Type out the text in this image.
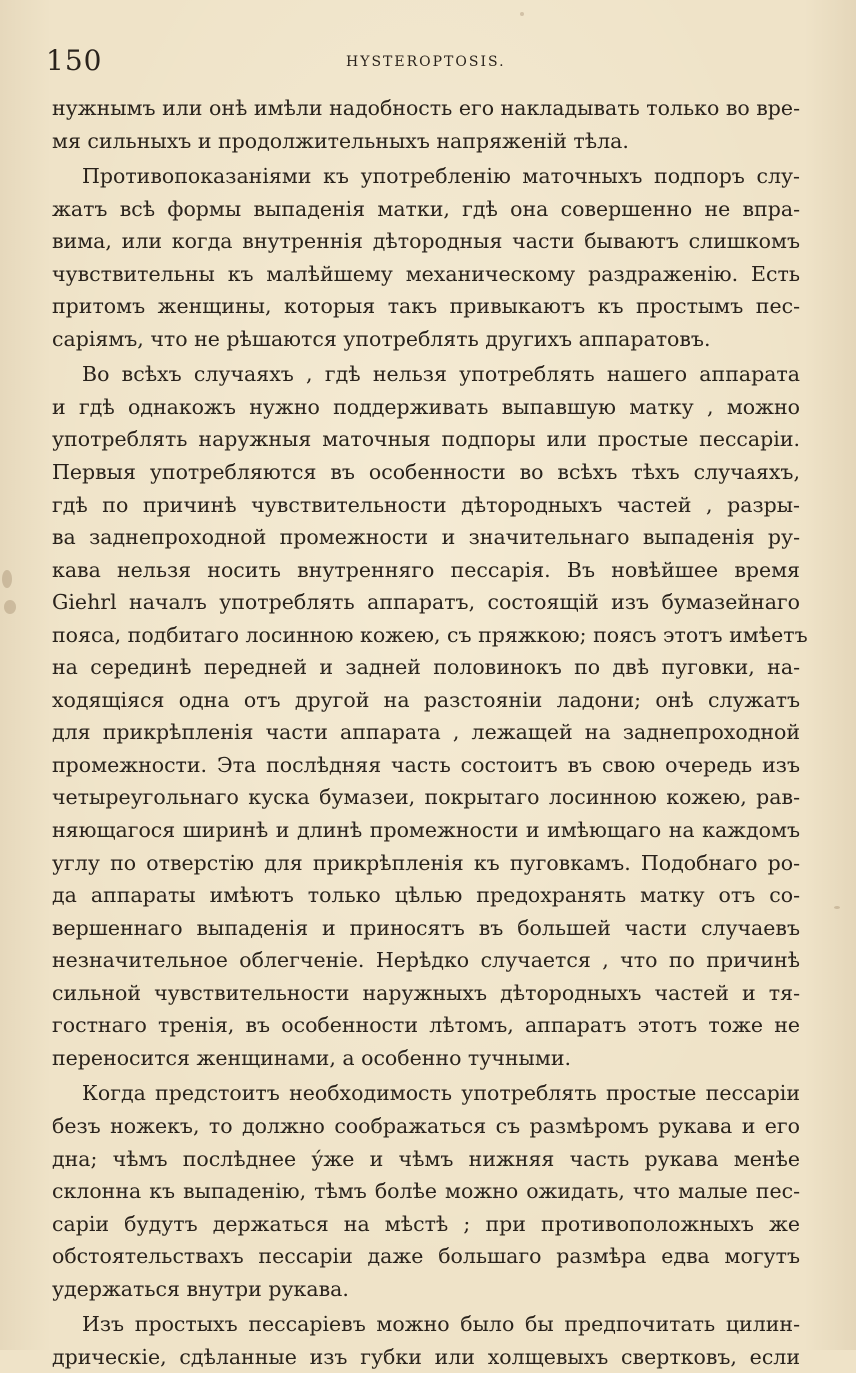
150	HYSTEROPTOSIS.
нужнымъ или онѣ имѣли надобность его накладывать только во вре-
мя сильныхъ и продолжительныхъ напряженій тѣла.
Противопоказаніями къ употребленію маточныхъ подпоръ слу-
жатъ всѣ формы выпаденія матки, гдѣ она совершенно не впра-
вима, или когда внутреннія дѣтородныя части бываютъ слишкомъ
чувствительны къ малѣйшему механическому раздраженію. Есть
притомъ женщины, которыя такъ привыкаютъ къ простымъ пес-
саріямъ, что не рѣшаются употреблять другихъ аппаратовъ.
Во всѣхъ случаяхъ , гдѣ нельзя употреблять нашего аппарата
и гдѣ однакожъ нужно поддерживать выпавшую матку , можно
употреблять наружныя маточныя подпоры или простые пессаріи.
Первыя употребляются въ особенности во всѣхъ тѣхъ случаяхъ,
гдѣ по причинѣ чувствительности дѣтородныхъ частей , разры-
ва заднепроходной промежности и значительнаго выпаденія ру-
кава нельзя носить внутренняго пессарія. Въ новѣйшее время
Giehrl началъ употреблять аппаратъ, состоящій изъ бумазейнаго
пояса, подбитаго лосинною кожею, съ пряжкою; поясъ этотъ имѣетъ
на серединѣ передней и задней половинокъ по двѣ пуговки, на-
ходящіяся одна отъ другой на разстояніи ладони; онѣ служатъ
для прикрѣпленія части аппарата , лежащей на заднепроходной
промежности. Эта послѣдняя часть состоитъ въ свою очередь изъ
четыреугольнаго куска бумазеи, покрытаго лосинною кожею, рав-
няющагося ширинѣ и длинѣ промежности и имѣющаго на каждомъ
углу по отверстію для прикрѣпленія къ пуговкамъ. Подобнаго ро-
да аппараты имѣютъ только цѣлью предохранять матку отъ со-
вершеннаго выпаденія и приносятъ въ большей части случаевъ
незначительное облегченіе. Нерѣдко случается , что по причинѣ
сильной чувствительности наружныхъ дѣтородныхъ частей и тя-
гостнаго тренія, въ особенности лѣтомъ, аппаратъ этотъ тоже не
переносится женщинами, а особенно тучными.
Когда предстоитъ необходимость употреблять простые пессаріи
безъ ножекъ, то должно соображаться съ размѣромъ рукава и его
дна; чѣмъ послѣднее у́же и чѣмъ нижняя часть рукава менѣе
склонна къ выпаденію, тѣмъ болѣе можно ожидать, что малые пес-
саріи будутъ держаться на мѣстѣ ; при противоположныхъ же
обстоятельствахъ пессаріи даже большаго размѣра едва могутъ
удержаться внутри рукава.
Изъ простыхъ пессаріевъ можно было бы предпочитать цилин-
дрическіе, сдѣланные изъ губки или холщевыхъ свертковъ, если
